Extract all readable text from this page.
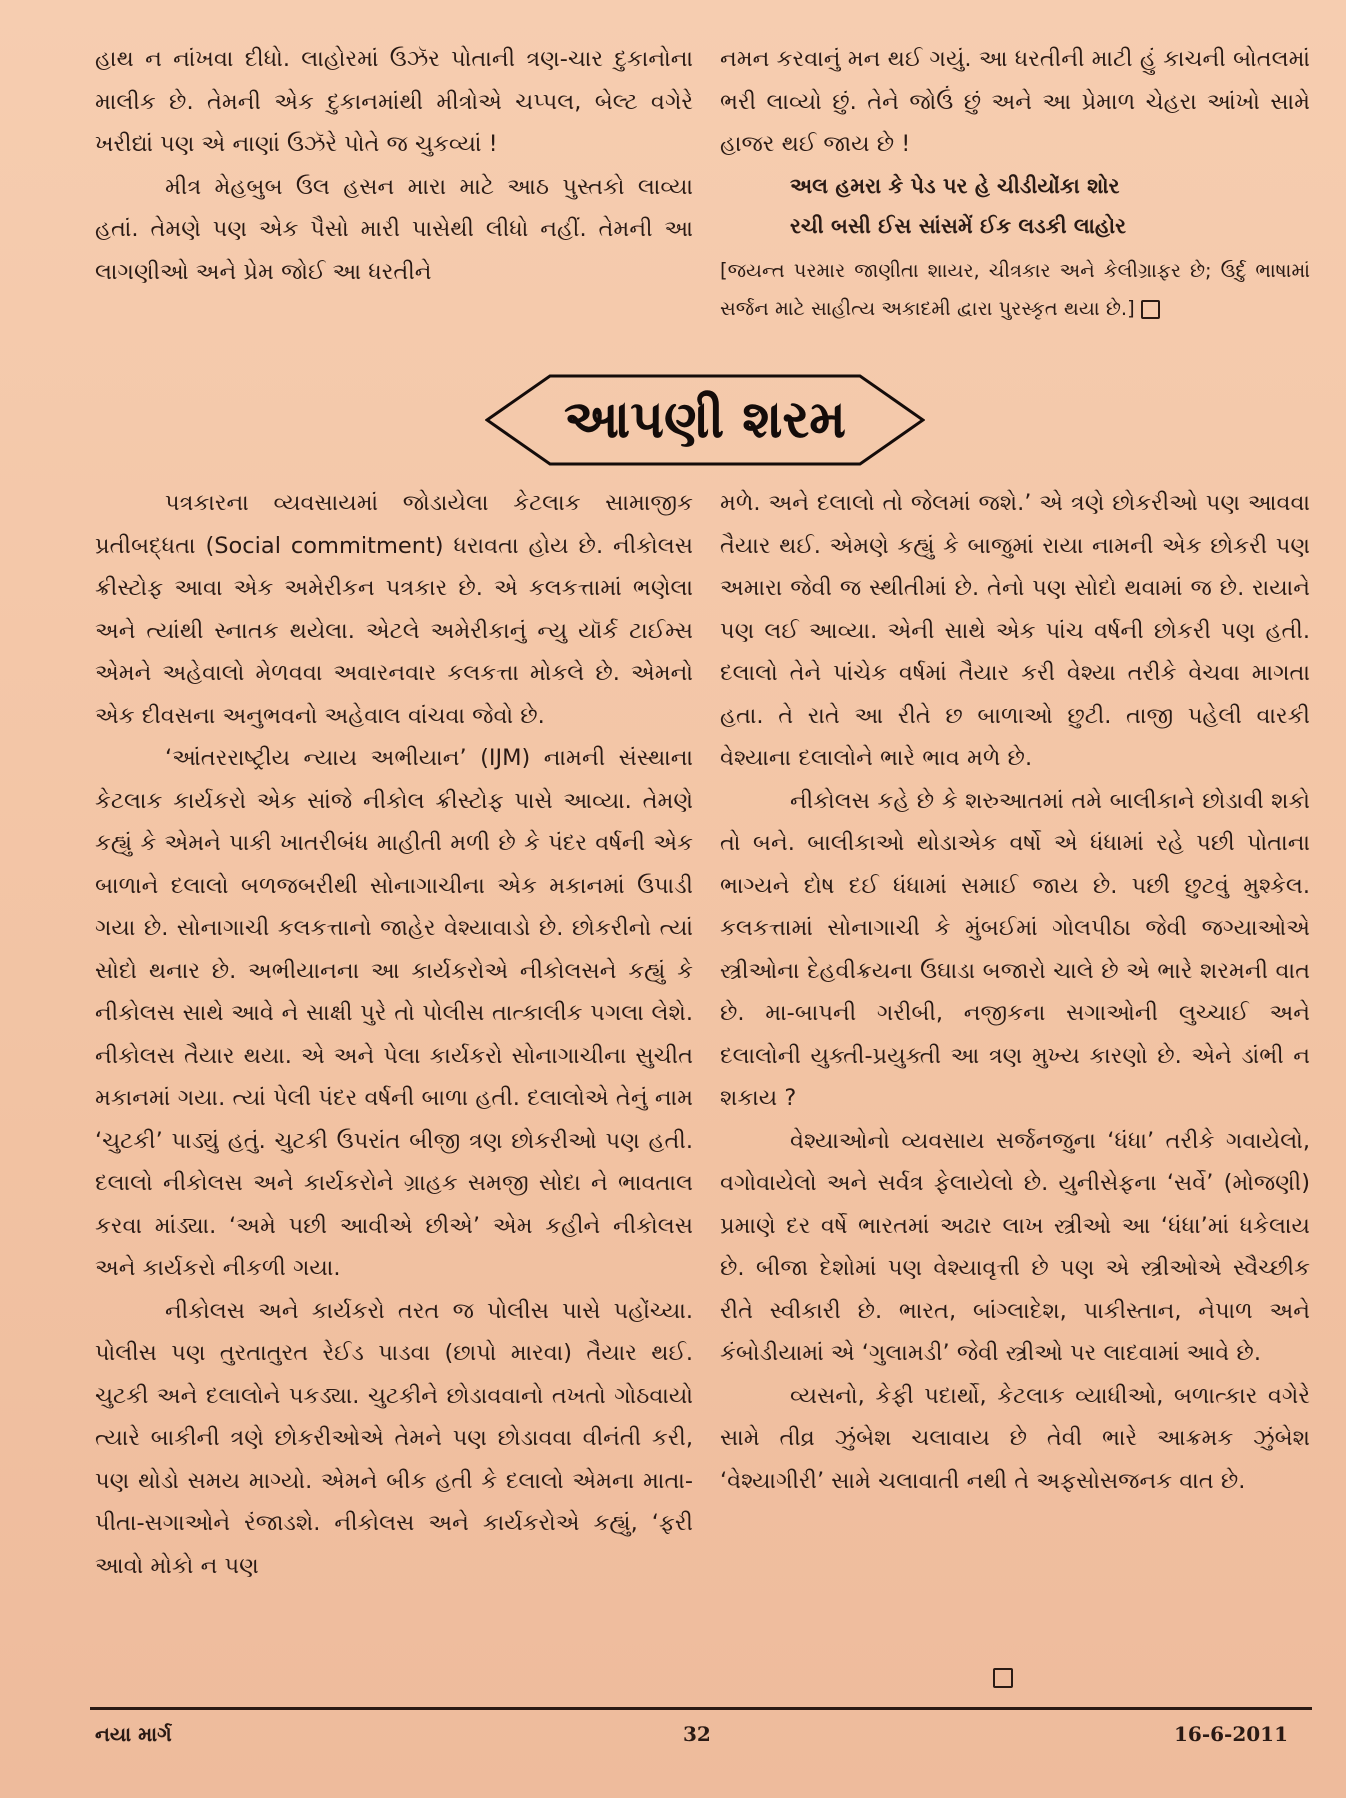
હાથ ન નાંખવા દીધો. લાહોરમાં ઉઝૅર પોતાની ત્રણ-ચાર દુકાનોના માલીક છે. તેમની એક દુકાનમાંથી મીત્રોએ ચપ્પલ, બેલ્ટ વગેરે ખરીદ્યાં પણ એ નાણાં ઉઝૅરે પોતે જ ચુકવ્યાં !

મીત્ર મેહબુબ ઉલ હસન મારા માટે આઠ પુસ્તકો લાવ્યા હતાં. તેમણે પણ એક પૈસો મારી પાસેથી લીધો નહીં. તેમની આ લાગણીઓ અને પ્રેમ જોઈ આ ધરતીને

નમન કરવાનું મન થઈ ગયું. આ ધરતીની માટી હું કાચની બોતલમાં ભરી લાવ્યો છું. તેને જોઉં છું અને આ પ્રેમાળ ચેહરા આંખો સામે હાજર થઈ જાય છે !

અલ હમરા કે પેડ પર હે ચીડીયોંકા શોર

રચી બસી ઈસ સાંસમેં ઈક લડકી લાહોર

[જયન્ત પરમાર જાણીતા શાયર, ચીત્રકાર અને કેલીગ્રાફર છે; ઉર્દુ ભાષામાં સર્જન માટે સાહીત્ય અકાદમી દ્વારા પુરસ્કૃત થયા છે.]

આપણી શરમ

પત્રકારના વ્યવસાયમાં જોડાયેલા કેટલાક સામાજીક પ્રતીબદ્ધતા (Social commitment) ધરાવતા હોય છે. નીકોલસ ક્રીસ્ટોફ આવા એક અમેરીકન પત્રકાર છે. એ કલકત્તામાં ભણેલા અને ત્યાંથી સ્નાતક થયેલા. એટલે અમેરીકાનું ન્યુ યૉર્ક ટાઈમ્સ એમને અહેવાલો મેળવવા અવારનવાર કલકત્તા મોકલે છે. એમનો એક દીવસના અનુભવનો અહેવાલ વાંચવા જેવો છે.

‘આંતરરાષ્ટ્રીય ન્યાય અભીયાન’ (IJM) નામની સંસ્થાના કેટલાક કાર્યકરો એક સાંજે નીકોલ ક્રીસ્ટોફ પાસે આવ્યા. તેમણે કહ્યું કે એમને પાકી ખાતરીબંધ માહીતી મળી છે કે પંદર વર્ષની એક બાળાને દલાલો બળજબરીથી સોનાગાચીના એક મકાનમાં ઉપાડી ગયા છે. સોનાગાચી કલકત્તાનો જાહેર વેશ્યાવાડો છે. છોકરીનો ત્યાં સોદો થનાર છે. અભીયાનના આ કાર્યકરોએ નીકોલસને કહ્યું કે નીકોલસ સાથે આવે ને સાક્ષી પુરે તો પોલીસ તાત્કાલીક પગલા લેશે. નીકોલસ તૈયાર થયા. એ અને પેલા કાર્યકરો સોનાગાચીના સુચીત મકાનમાં ગયા. ત્યાં પેલી પંદર વર્ષની બાળા હતી. દલાલોએ તેનું નામ ‘ચુટકી’ પાડ્યું હતું. ચુટકી ઉપરાંત બીજી ત્રણ છોકરીઓ પણ હતી. દલાલો નીકોલસ અને કાર્યકરોને ગ્રાહક સમજી સોદા ને ભાવતાલ કરવા માંડ્યા. ‘અમે પછી આવીએ છીએ’ એમ કહીને નીકોલસ અને કાર્યકરો નીકળી ગયા.

નીકોલસ અને કાર્યકરો તરત જ પોલીસ પાસે પહોંચ્યા. પોલીસ પણ તુરતાતુરત રેઈડ પાડવા (છાપો મારવા) તૈયાર થઈ. ચુટકી અને દલાલોને પકડ્યા. ચુટકીને છોડાવવાનો તખતો ગોઠવાયો ત્યારે બાકીની ત્રણે છોકરીઓએ તેમને પણ છોડાવવા વીનંતી કરી, પણ થોડો સમય માગ્યો. એમને બીક હતી કે દલાલો એમના માતા-પીતા-સગાઓને રંજાડશે. નીકોલસ અને કાર્યકરોએ કહ્યું, ‘ફરી આવો મોકો ન પણ

મળે. અને દલાલો તો જેલમાં જશે.’ એ ત્રણે છોકરીઓ પણ આવવા તૈયાર થઈ. એમણે કહ્યું કે બાજુમાં રાયા નામની એક છોકરી પણ અમારા જેવી જ સ્થીતીમાં છે. તેનો પણ સોદો થવામાં જ છે. રાયાને પણ લઈ આવ્યા. એની સાથે એક પાંચ વર્ષની છોકરી પણ હતી. દલાલો તેને પાંચેક વર્ષમાં તૈયાર કરી વેશ્યા તરીકે વેચવા માગતા હતા. તે રાતે આ રીતે છ બાળાઓ છુટી. તાજી પહેલી વારકી વેશ્યાના દલાલોને ભારે ભાવ મળે છે.

નીકોલસ કહે છે કે શરુઆતમાં તમે બાલીકાને છોડાવી શકો તો બને. બાલીકાઓ થોડાએક વર્ષો એ ધંધામાં રહે પછી પોતાના ભાગ્યને દોષ દઈ ધંધામાં સમાઈ જાય છે. પછી છુટવું મુશ્કેલ. કલકત્તામાં સોનાગાચી કે મુંબઈમાં ગોલપીઠા જેવી જગ્યાઓએ સ્ત્રીઓના દેહવીક્રયના ઉઘાડા બજારો ચાલે છે એ ભારે શરમની વાત છે. મા-બાપની ગરીબી, નજીકના સગાઓની લુચ્ચાઈ અને દલાલોની યુક્તી-પ્રયુક્તી આ ત્રણ મુખ્ય કારણો છે. એને ડાંભી ન શકાય ?

વેશ્યાઓનો વ્યવસાય સર્જનજુના ‘ધંધા’ તરીકે ગવાયેલો, વગોવાયેલો અને સર્વત્ર ફેલાયેલો છે. યુનીસેફના ‘સર્વે’ (મોજણી) પ્રમાણે દર વર્ષે ભારતમાં અઢાર લાખ સ્ત્રીઓ આ ‘ધંધા’માં ધકેલાય છે. બીજા દેશોમાં પણ વેશ્યાવૃત્તી છે પણ એ સ્ત્રીઓએ સ્વૈચ્છીક રીતે સ્વીકારી છે. ભારત, બાંગ્લાદેશ, પાકીસ્તાન, નેપાળ અને કંબોડીયામાં એ ‘ગુલામડી’ જેવી સ્ત્રીઓ પર લાદવામાં આવે છે.

વ્યસનો, કેફી પદાર્થો, કેટલાક વ્યાધીઓ, બળાત્કાર વગેરે સામે તીવ્ર ઝુંબેશ ચલાવાય છે તેવી ભારે આક્રમક ઝુંબેશ ‘વેશ્યાગીરી’ સામે ચલાવાતી નથી તે અફસોસજનક વાત છે.

નયા માર્ગ	32	16-6-2011
